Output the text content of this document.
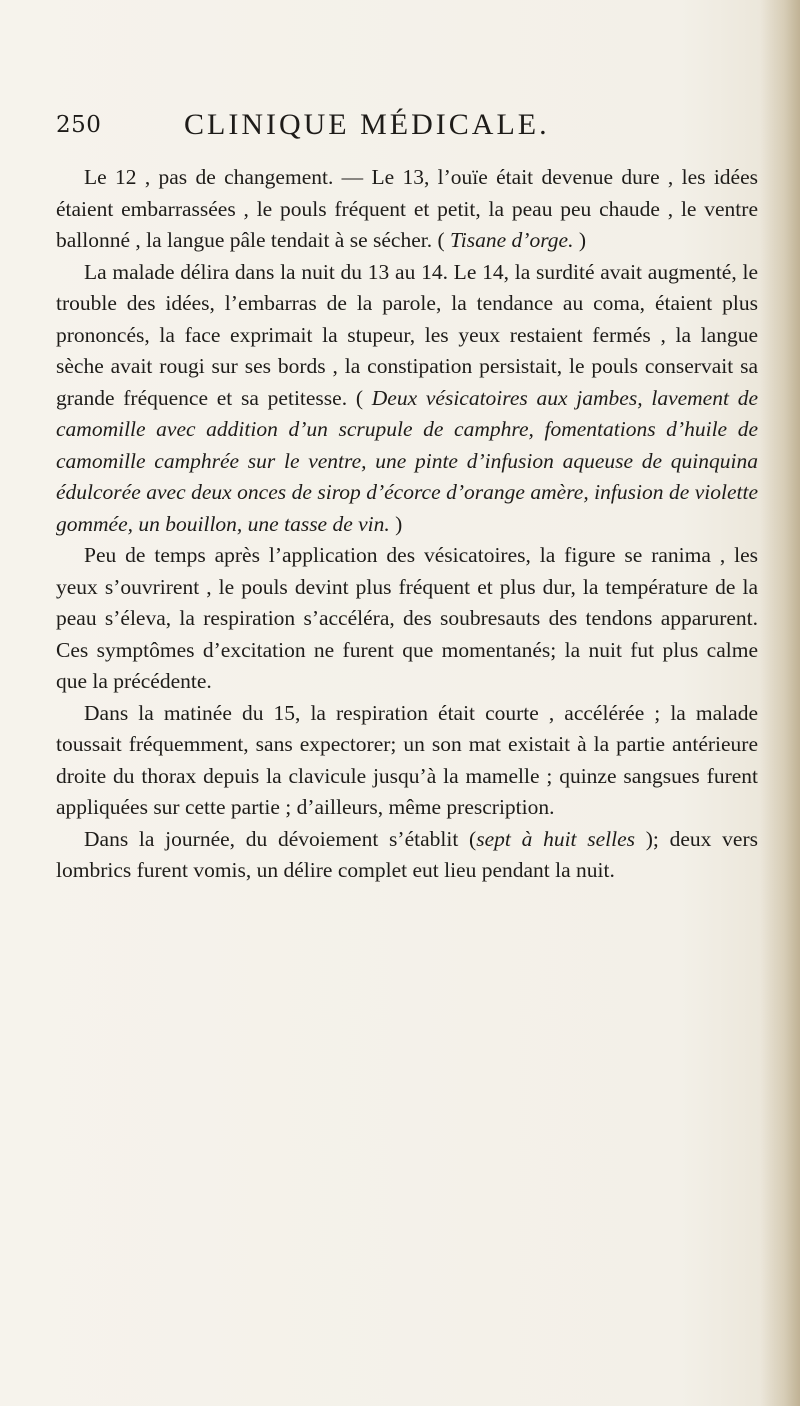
250	CLINIQUE MÉDICALE.

Le 12 , pas de changement. — Le 13, l’ouïe était devenue dure , les idées étaient embarrassées , le pouls fréquent et petit, la peau peu chaude , le ventre ballonné , la langue pâle tendait à se sécher. ( Tisane d’orge. )

La malade délira dans la nuit du 13 au 14. Le 14, la surdité avait augmenté, le trouble des idées, l’embarras de la parole, la tendance au coma, étaient plus prononcés, la face exprimait la stupeur, les yeux restaient fermés , la langue sèche avait rougi sur ses bords , la constipation persistait, le pouls conservait sa grande fréquence et sa petitesse. ( Deux vésicatoires aux jambes, lavement de camomille avec addition d’un scrupule de camphre, fomentations d’huile de camomille camphrée sur le ventre, une pinte d’infusion aqueuse de quinquina édulcorée avec deux onces de sirop d’écorce d’orange amère, infusion de violette gommée, un bouillon, une tasse de vin. )

Peu de temps après l’application des vésicatoires, la figure se ranima , les yeux s’ouvrirent , le pouls devint plus fréquent et plus dur, la température de la peau s’éleva, la respiration s’accéléra, des soubresauts des tendons apparurent. Ces symptômes d’excitation ne furent que momentanés; la nuit fut plus calme que la précédente.

Dans la matinée du 15, la respiration était courte , accélérée ; la malade toussait fréquemment, sans expectorer; un son mat existait à la partie antérieure droite du thorax depuis la clavicule jusqu’à la mamelle ; quinze sangsues furent appliquées sur cette partie ; d’ailleurs, même prescription.

Dans la journée, du dévoiement s’établit (sept à huit selles ); deux vers lombrics furent vomis, un délire complet eut lieu pendant la nuit.
